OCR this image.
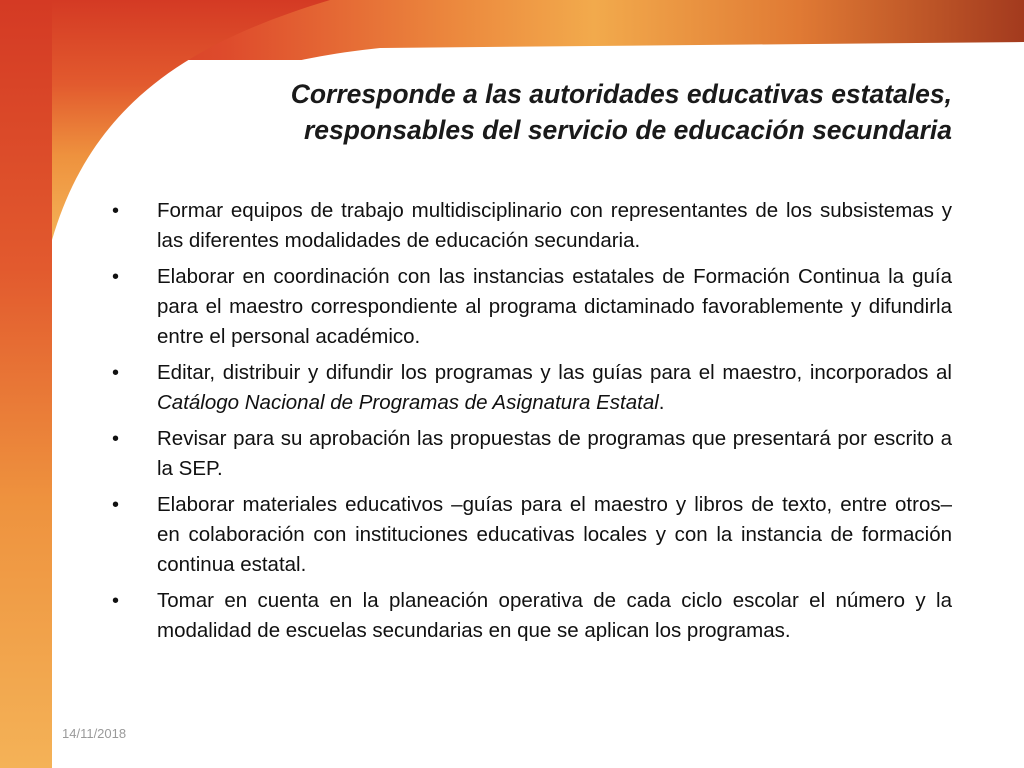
Corresponde a las autoridades educativas estatales,
responsables del servicio de educación secundaria
•	Formar equipos de trabajo multidisciplinario con representantes de los subsistemas y las diferentes modalidades de educación secundaria.
•	Elaborar en coordinación con las instancias estatales de Formación Continua la guía para el maestro correspondiente al programa dictaminado favorablemente y difundirla entre el personal académico.
•	Editar, distribuir y difundir los programas y las guías para el maestro, incorporados al Catálogo Nacional de Programas de Asignatura Estatal.
•	Revisar para su aprobación las propuestas de programas que presentará por escrito a la SEP.
•	Elaborar materiales educativos –guías para el maestro y libros de texto, entre otros– en colaboración con instituciones educativas locales y con la instancia de formación continua estatal.
•	Tomar en cuenta en la planeación operativa de cada ciclo escolar el número y la modalidad de escuelas secundarias en que se aplican los programas.
14/11/2018
